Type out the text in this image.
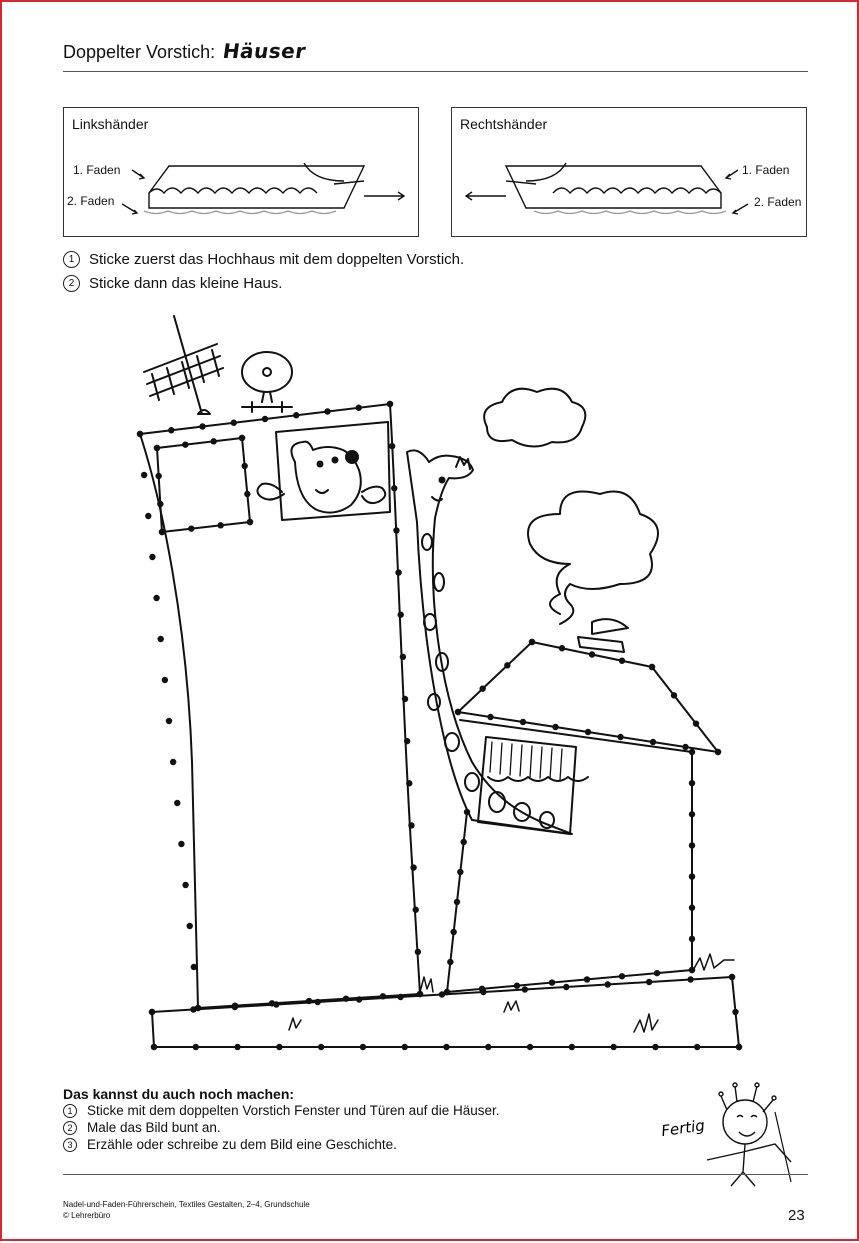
Doppelter Vorstich: Häuser
Linkshänder
1. Faden
2. Faden
Rechtshänder
1. Faden
2. Faden
1 Sticke zuerst das Hochhaus mit dem doppelten Vorstich.
2 Sticke dann das kleine Haus.
Das kannst du auch noch machen:
1	Sticke mit dem doppelten Vorstich Fenster und Türen auf die Häuser.
2	Male das Bild bunt an.
3	Erzähle oder schreibe zu dem Bild eine Geschichte.
Fertig
Nadel-und-Faden-Führerschein, Textiles Gestalten, 2–4, Grundschule
© Lehrerbüro	23
